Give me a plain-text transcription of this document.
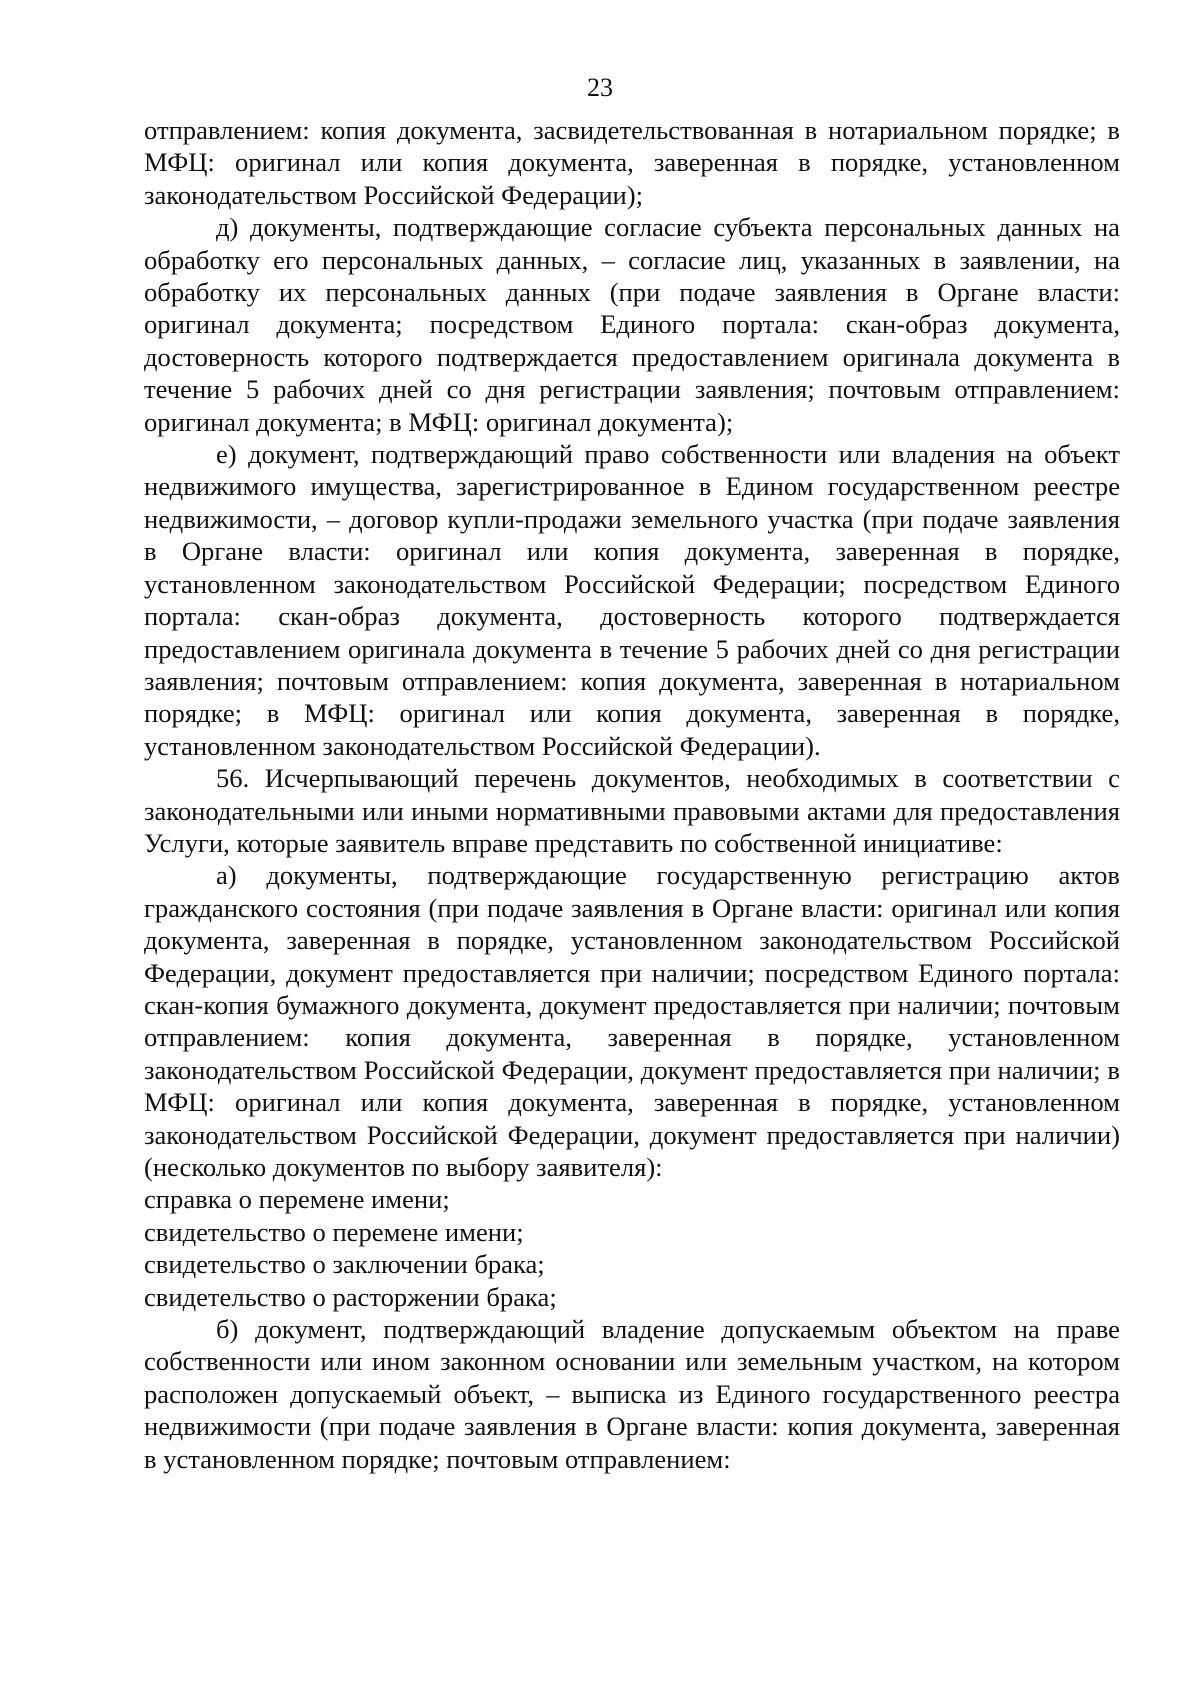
23

отправлением: копия документа, засвидетельствованная в нотариальном порядке; в МФЦ: оригинал или копия документа, заверенная в порядке, установленном законодательством Российской Федерации);

д) документы, подтверждающие согласие субъекта персональных данных на обработку его персональных данных, – согласие лиц, указанных в заявлении, на обработку их персональных данных (при подаче заявления в Органе власти: оригинал документа; посредством Единого портала: скан-образ документа, достоверность которого подтверждается предоставлением оригинала документа в течение 5 рабочих дней со дня регистрации заявления; почтовым отправлением: оригинал документа; в МФЦ: оригинал документа);

е) документ, подтверждающий право собственности или владения на объект недвижимого имущества, зарегистрированное в Едином государственном реестре недвижимости, – договор купли-продажи земельного участка (при подаче заявления в Органе власти: оригинал или копия документа, заверенная в порядке, установленном законодательством Российской Федерации; посредством Единого портала: скан-образ документа, достоверность которого подтверждается предоставлением оригинала документа в течение 5 рабочих дней со дня регистрации заявления; почтовым отправлением: копия документа, заверенная в нотариальном порядке; в МФЦ: оригинал или копия документа, заверенная в порядке, установленном законодательством Российской Федерации).

56. Исчерпывающий перечень документов, необходимых в соответствии с законодательными или иными нормативными правовыми актами для предоставления Услуги, которые заявитель вправе представить по собственной инициативе:

а) документы, подтверждающие государственную регистрацию актов гражданского состояния (при подаче заявления в Органе власти: оригинал или копия документа, заверенная в порядке, установленном законодательством Российской Федерации, документ предоставляется при наличии; посредством Единого портала: скан-копия бумажного документа, документ предоставляется при наличии; почтовым отправлением: копия документа, заверенная в порядке, установленном законодательством Российской Федерации, документ предоставляется при наличии; в МФЦ: оригинал или копия документа, заверенная в порядке, установленном законодательством Российской Федерации, документ предоставляется при наличии) (несколько документов по выбору заявителя):

справка о перемене имени;

свидетельство о перемене имени;

свидетельство о заключении брака;

свидетельство о расторжении брака;

б) документ, подтверждающий владение допускаемым объектом на праве собственности или ином законном основании или земельным участком, на котором расположен допускаемый объект, – выписка из Единого государственного реестра недвижимости (при подаче заявления в Органе власти: копия документа, заверенная в установленном порядке; почтовым отправлением:
